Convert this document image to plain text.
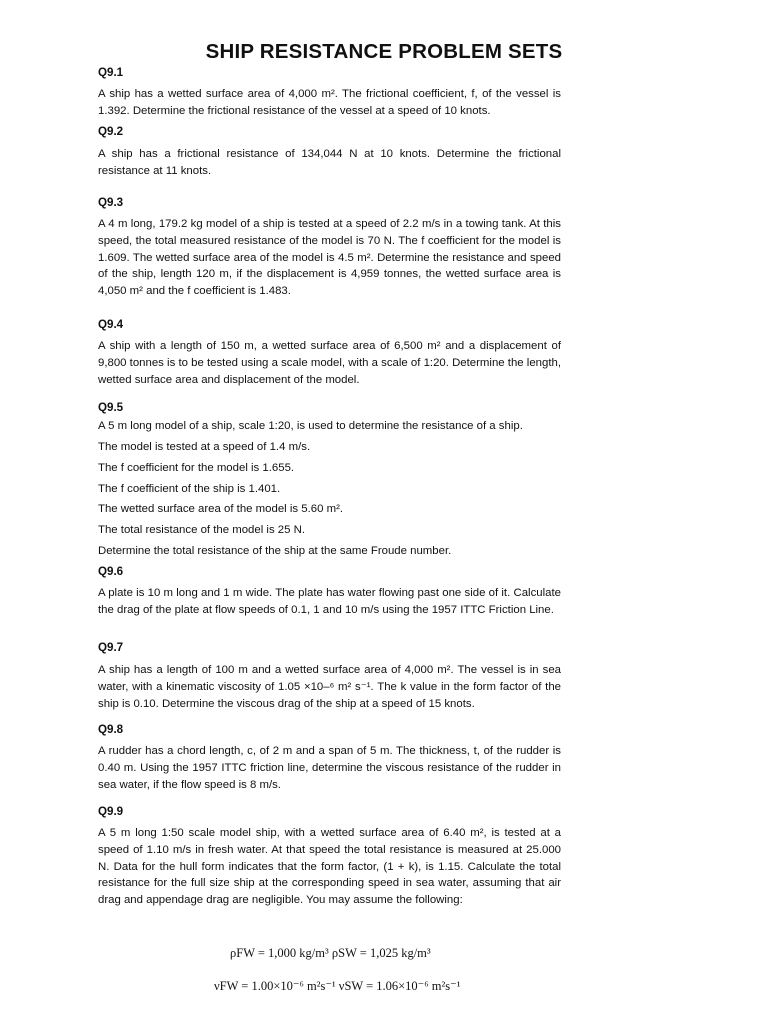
SHIP RESISTANCE PROBLEM SETS
Q9.1
A ship has a wetted surface area of 4,000 m². The frictional coefficient, f, of the vessel is 1.392. Determine the frictional resistance of the vessel at a speed of 10 knots.
Q9.2
A ship has a frictional resistance of 134,044 N at 10 knots. Determine the frictional resistance at 11 knots.
Q9.3
A 4 m long, 179.2 kg model of a ship is tested at a speed of 2.2 m/s in a towing tank. At this speed, the total measured resistance of the model is 70 N. The f coefficient for the model is 1.609. The wetted surface area of the model is 4.5 m². Determine the resistance and speed of the ship, length 120 m, if the displacement is 4,959 tonnes, the wetted surface area is 4,050 m² and the f coefficient is 1.483.
Q9.4
A ship with a length of 150 m, a wetted surface area of 6,500 m² and a displacement of 9,800 tonnes is to be tested using a scale model, with a scale of 1:20. Determine the length, wetted surface area and displacement of the model.
Q9.5
A 5 m long model of a ship, scale 1:20, is used to determine the resistance of a ship.
The model is tested at a speed of 1.4 m/s.
The f coefficient for the model is 1.655.
The f coefficient of the ship is 1.401.
The wetted surface area of the model is 5.60 m².
The total resistance of the model is 25 N.
Determine the total resistance of the ship at the same Froude number.
Q9.6
A plate is 10 m long and 1 m wide. The plate has water flowing past one side of it. Calculate the drag of the plate at flow speeds of 0.1, 1 and 10 m/s using the 1957 ITTC Friction Line.
Q9.7
A ship has a length of 100 m and a wetted surface area of 4,000 m². The vessel is in sea water, with a kinematic viscosity of 1.05 ×10–⁶ m² s⁻¹. The k value in the form factor of the ship is 0.10. Determine the viscous drag of the ship at a speed of 15 knots.
Q9.8
A rudder has a chord length, c, of 2 m and a span of 5 m. The thickness, t, of the rudder is 0.40 m. Using the 1957 ITTC friction line, determine the viscous resistance of the rudder in sea water, if the flow speed is 8 m/s.
Q9.9
A 5 m long 1:50 scale model ship, with a wetted surface area of 6.40 m², is tested at a speed of 1.10 m/s in fresh water. At that speed the total resistance is measured at 25.000 N. Data for the hull form indicates that the form factor, (1 + k), is 1.15. Calculate the total resistance for the full size ship at the corresponding speed in sea water, assuming that air drag and appendage drag are negligible. You may assume the following:
ρFW = 1,000 kg/m³ ρSW = 1,025 kg/m³
νFW = 1.00×10⁻⁶ m²s⁻¹ νSW = 1.06×10⁻⁶ m²s⁻¹
